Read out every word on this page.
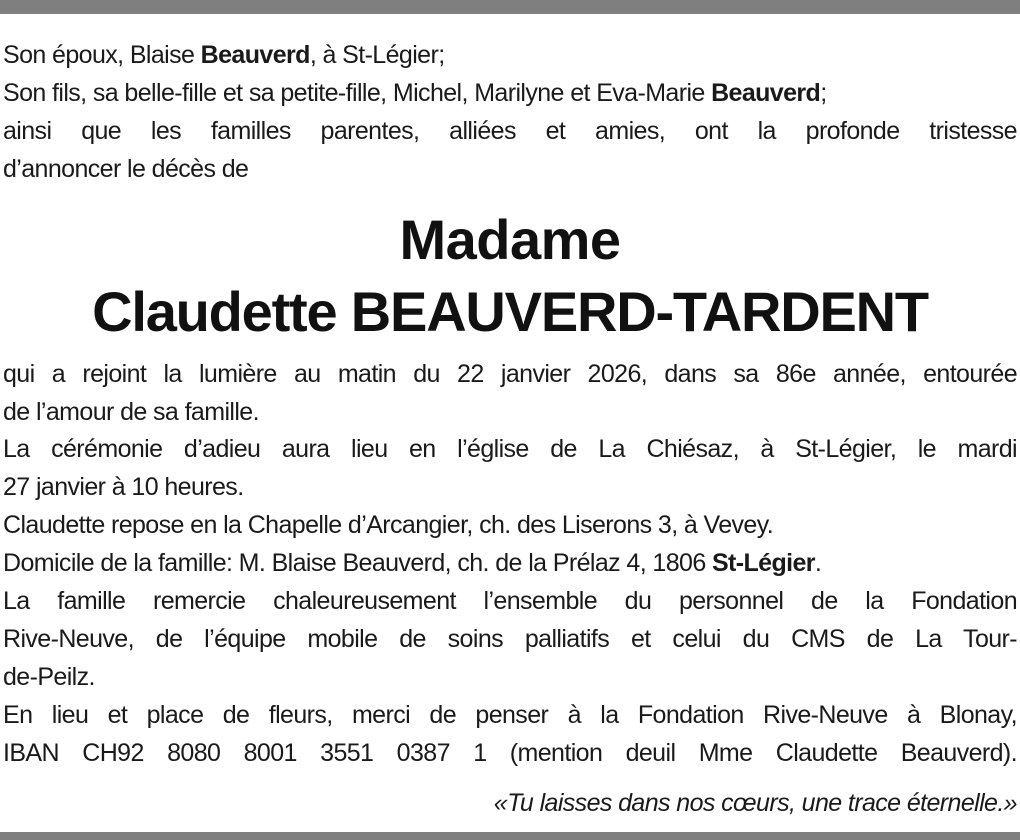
Son époux, Blaise Beauverd, à St-Légier;
Son fils, sa belle-fille et sa petite-fille, Michel, Marilyne et Eva-Marie Beauverd;
ainsi que les familles parentes, alliées et amies, ont la profonde tristesse
d’annoncer le décès de
Madame
Claudette BEAUVERD-TARDENT
qui a rejoint la lumière au matin du 22 janvier 2026, dans sa 86e année, entourée
de l’amour de sa famille.
La cérémonie d’adieu aura lieu en l’église de La Chiésaz, à St-Légier, le mardi
27 janvier à 10 heures.
Claudette repose en la Chapelle d’Arcangier, ch. des Liserons 3, à Vevey.
Domicile de la famille: M. Blaise Beauverd, ch. de la Prélaz 4, 1806 St-Légier.
La famille remercie chaleureusement l’ensemble du personnel de la Fondation
Rive-Neuve, de l’équipe mobile de soins palliatifs et celui du CMS de La Tour-
de-Peilz.
En lieu et place de fleurs, merci de penser à la Fondation Rive-Neuve à Blonay,
IBAN CH92 8080 8001 3551 0387 1 (mention deuil Mme Claudette Beauverd).
«Tu laisses dans nos cœurs, une trace éternelle.»
